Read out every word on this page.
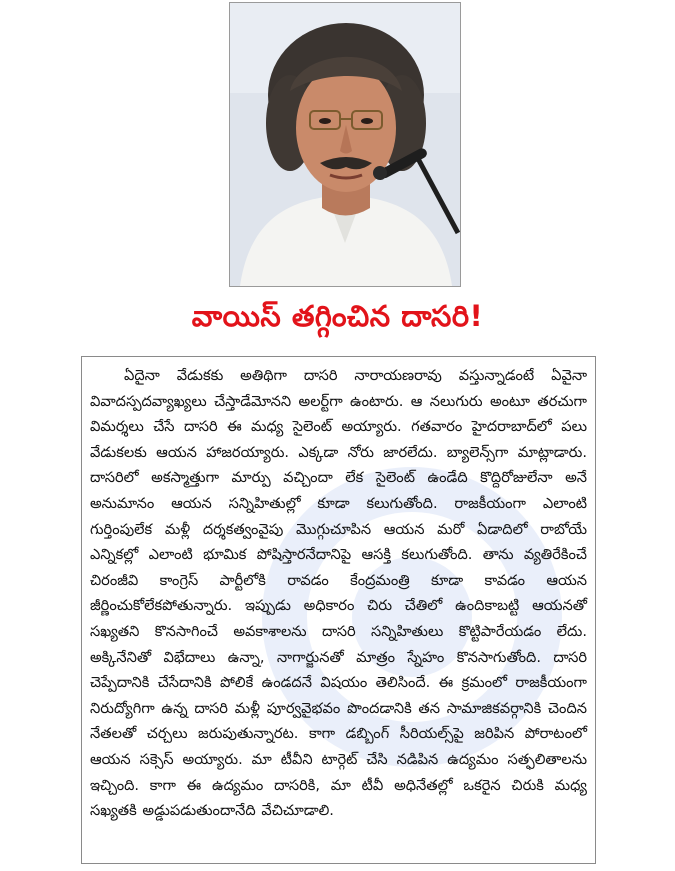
వాయిస్ తగ్గించిన దాసరి!

ఏదైనా వేడుకకు అతిథిగా దాసరి నారాయణరావు వస్తున్నాడంటే ఏవైనా వివాదస్పదవ్యాఖ్యలు చేస్తాడేమోనని అలర్ట్‌గా ఉంటారు. ఆ నలుగురు అంటూ తరచుగా విమర్శలు చేసే దాసరి ఈ మధ్య సైలెంట్ అయ్యారు. గతవారం హైదరాబాద్‌లో పలు వేడుకలకు ఆయన హాజరయ్యారు. ఎక్కడా నోరు జారలేదు. బ్యాలెన్స్‌గా మాట్లాడారు. దాసరిలో అకస్మాత్తుగా మార్పు వచ్చిందా లేక సైలెంట్ ఉండేది కొద్దిరోజులేనా అనే అనుమానం ఆయన సన్నిహితుల్లో కూడా కలుగుతోంది. రాజకీయంగా ఎలాంటి గుర్తింపులేక మళ్లీ దర్శకత్వంవైపు మొగ్గుచూపిన ఆయన మరో ఏడాదిలో రాబోయే ఎన్నికల్లో ఎలాంటి భూమిక పోషిస్తారనేదానిపై ఆసక్తి కలుగుతోంది. తాను వ్యతిరేకించే చిరంజీవి కాంగ్రెస్ పార్టీలోకి రావడం కేంద్రమంత్రి కూడా కావడం ఆయన జీర్ణించుకోలేకపోతున్నారు. ఇప్పుడు అధికారం చిరు చేతిలో ఉందికాబట్టి ఆయనతో సఖ్యతని కొనసాగించే అవకాశాలను దాసరి సన్నిహితులు కొట్టిపారేయడం లేదు. అక్కినేనితో విభేదాలు ఉన్నా, నాగార్జునతో మాత్రం స్నేహం కొనసాగుతోంది. దాసరి చెప్పేదానికి చేసేదానికి పోలికే ఉండదనే విషయం తెలిసిందే. ఈ క్రమంలో రాజకీయంగా నిరుద్యోగిగా ఉన్న దాసరి మళ్లీ పూర్వవైభవం పొందడానికి తన సామాజికవర్గానికి చెందిన నేతలతో చర్చలు జరుపుతున్నారట. కాగా డబ్బింగ్ సీరియల్స్‌పై జరిపిన పోరాటంలో ఆయన సక్సెస్ అయ్యారు. మా టీవీని టార్గెట్ చేసి నడిపిన ఉద్యమం సత్ఫలితాలను ఇచ్చింది. కాగా ఈ ఉద్యమం దాసరికి, మా టీవీ అధినేతల్లో ఒకరైన చిరుకి మధ్య సఖ్యతకి అడ్డుపడుతుందానేది వేచిచూడాలి.
